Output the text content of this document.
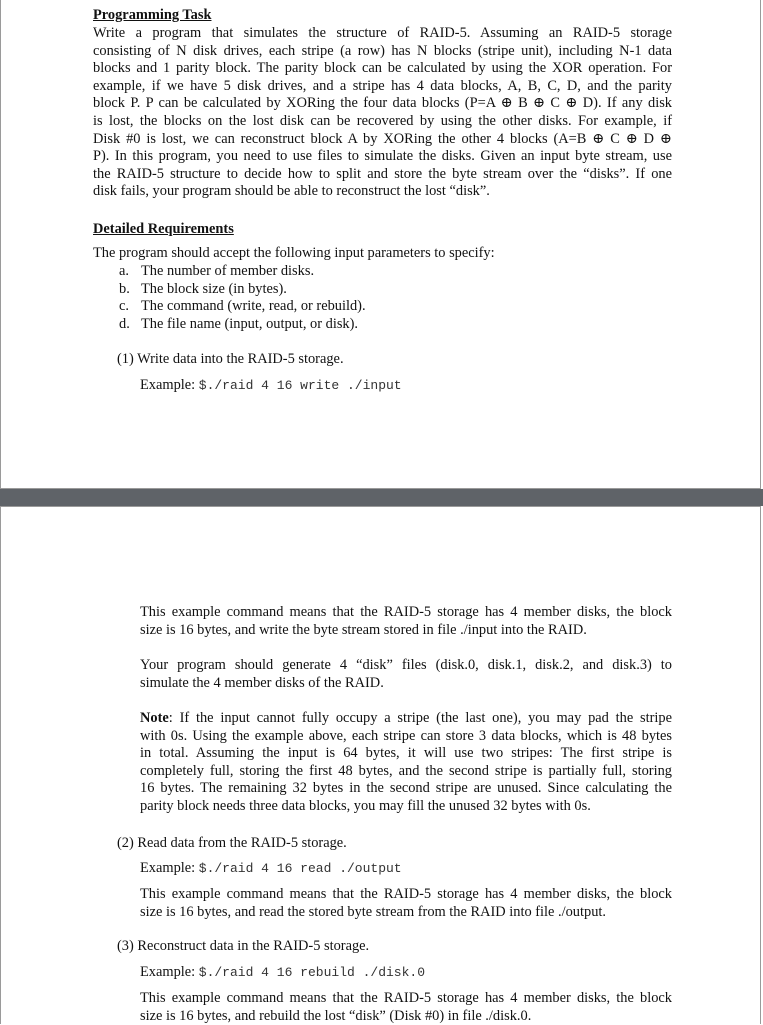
Programming Task

Write a program that simulates the structure of RAID-5. Assuming an RAID-5 storage
consisting of N disk drives, each stripe (a row) has N blocks (stripe unit), including N-1 data
blocks and 1 parity block. The parity block can be calculated by using the XOR operation. For
example, if we have 5 disk drives, and a stripe has 4 data blocks, A, B, C, D, and the parity
block P. P can be calculated by XORing the four data blocks (P=A ⊕ B ⊕ C ⊕ D). If any disk
is lost, the blocks on the lost disk can be recovered by using the other disks. For example, if
Disk #0 is lost, we can reconstruct block A by XORing the other 4 blocks (A=B ⊕ C ⊕ D ⊕
P). In this program, you need to use files to simulate the disks. Given an input byte stream, use
the RAID-5 structure to decide how to split and store the byte stream over the “disks”. If one
disk fails, your program should be able to reconstruct the lost “disk”.

Detailed Requirements

The program should accept the following input parameters to specify:

a. The number of member disks.
b. The block size (in bytes).
c. The command (write, read, or rebuild).
d. The file name (input, output, or disk).

(1) Write data into the RAID-5 storage.

Example: $./raid 4 16 write ./input

This example command means that the RAID-5 storage has 4 member disks, the block
size is 16 bytes, and write the byte stream stored in file ./input into the RAID.
Your program should generate 4 “disk” files (disk.0, disk.1, disk.2, and disk.3) to
simulate the 4 member disks of the RAID.
Note: If the input cannot fully occupy a stripe (the last one), you may pad the stripe
with 0s. Using the example above, each stripe can store 3 data blocks, which is 48 bytes
in total. Assuming the input is 64 bytes, it will use two stripes: The first stripe is
completely full, storing the first 48 bytes, and the second stripe is partially full, storing
16 bytes. The remaining 32 bytes in the second stripe are unused. Since calculating the
parity block needs three data blocks, you may fill the unused 32 bytes with 0s.

(2) Read data from the RAID-5 storage.

Example: $./raid 4 16 read ./output

This example command means that the RAID-5 storage has 4 member disks, the block
size is 16 bytes, and read the stored byte stream from the RAID into file ./output.

(3) Reconstruct data in the RAID-5 storage.

Example: $./raid 4 16 rebuild ./disk.0

This example command means that the RAID-5 storage has 4 member disks, the block
size is 16 bytes, and rebuild the lost “disk” (Disk #0) in file ./disk.0.
